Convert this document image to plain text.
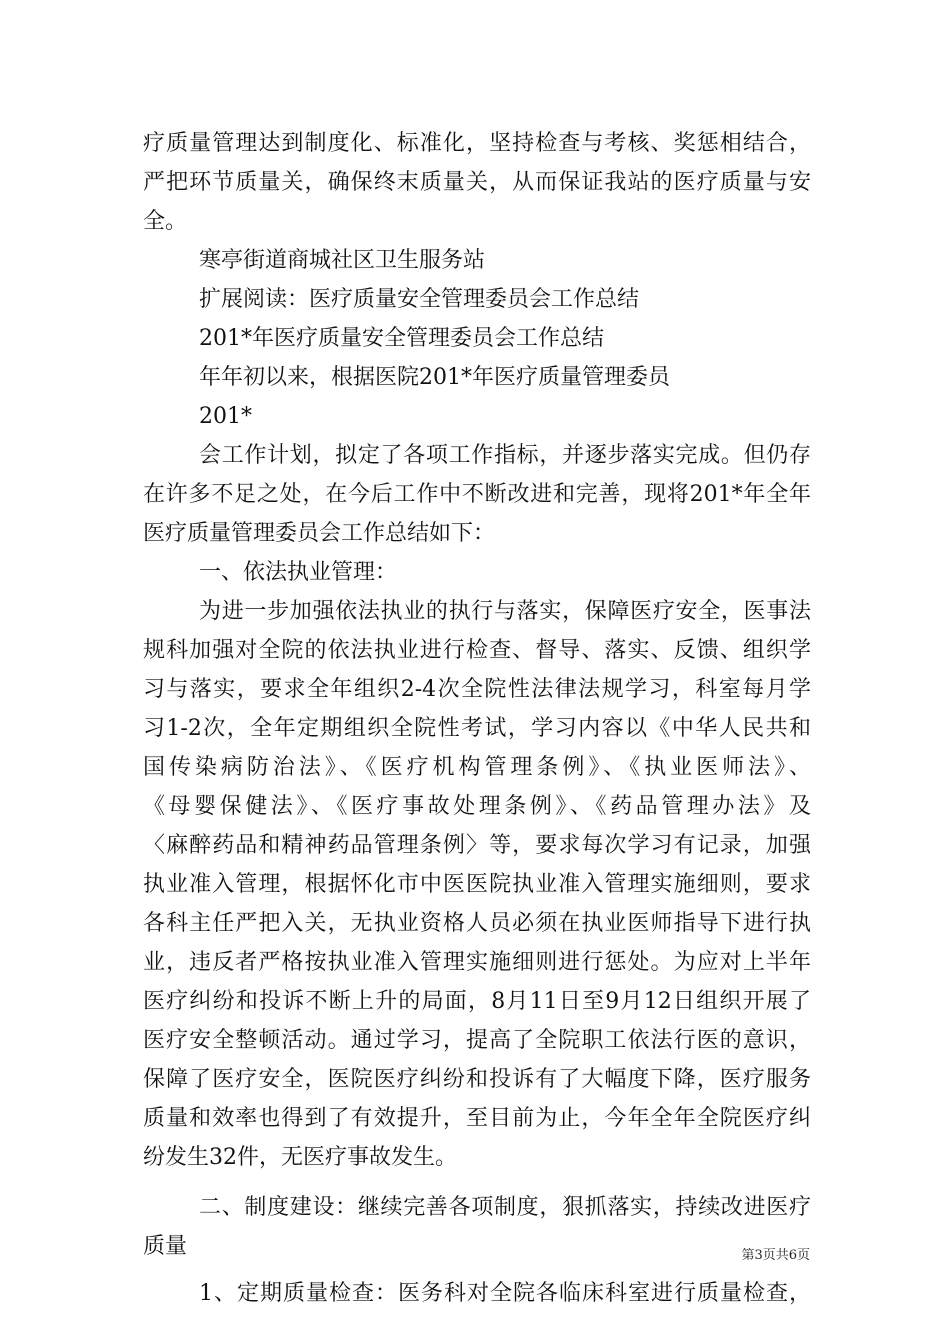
疗质量管理达到制度化、标准化，坚持检查与考核、奖惩相结合，
严把环节质量关，确保终末质量关，从而保证我站的医疗质量与安
全。
寒亭街道商城社区卫生服务站
扩展阅读：医疗质量安全管理委员会工作总结
201*年医疗质量安全管理委员会工作总结
年年初以来，根据医院201*年医疗质量管理委员
201*
会工作计划，拟定了各项工作指标，并逐步落实完成。但仍存
在许多不足之处，在今后工作中不断改进和完善，现将201*年全年
医疗质量管理委员会工作总结如下：
一、依法执业管理：
为进一步加强依法执业的执行与落实，保障医疗安全，医事法
规科加强对全院的依法执业进行检查、督导、落实、反馈、组织学
习与落实，要求全年组织2-4次全院性法律法规学习，科室每月学
习1-2次，全年定期组织全院性考试，学习内容以《中华人民共和
国传染病防治法》、《医疗机构管理条例》、《执业医师法》、
《母婴保健法》、《医疗事故处理条例》、《药品管理办法》及
〈麻醉药品和精神药品管理条例〉等，要求每次学习有记录，加强
执业准入管理，根据怀化市中医医院执业准入管理实施细则，要求
各科主任严把入关，无执业资格人员必须在执业医师指导下进行执
业，违反者严格按执业准入管理实施细则进行惩处。为应对上半年
医疗纠纷和投诉不断上升的局面，8月11日至9月12日组织开展了
医疗安全整顿活动。通过学习，提高了全院职工依法行医的意识，
保障了医疗安全，医院医疗纠纷和投诉有了大幅度下降，医疗服务
质量和效率也得到了有效提升，至目前为止，今年全年全院医疗纠
纷发生32件，无医疗事故发生。
二、制度建设：继续完善各项制度，狠抓落实，持续改进医疗
质量
1、定期质量检查：医务科对全院各临床科室进行质量检查，
第3页共6页
